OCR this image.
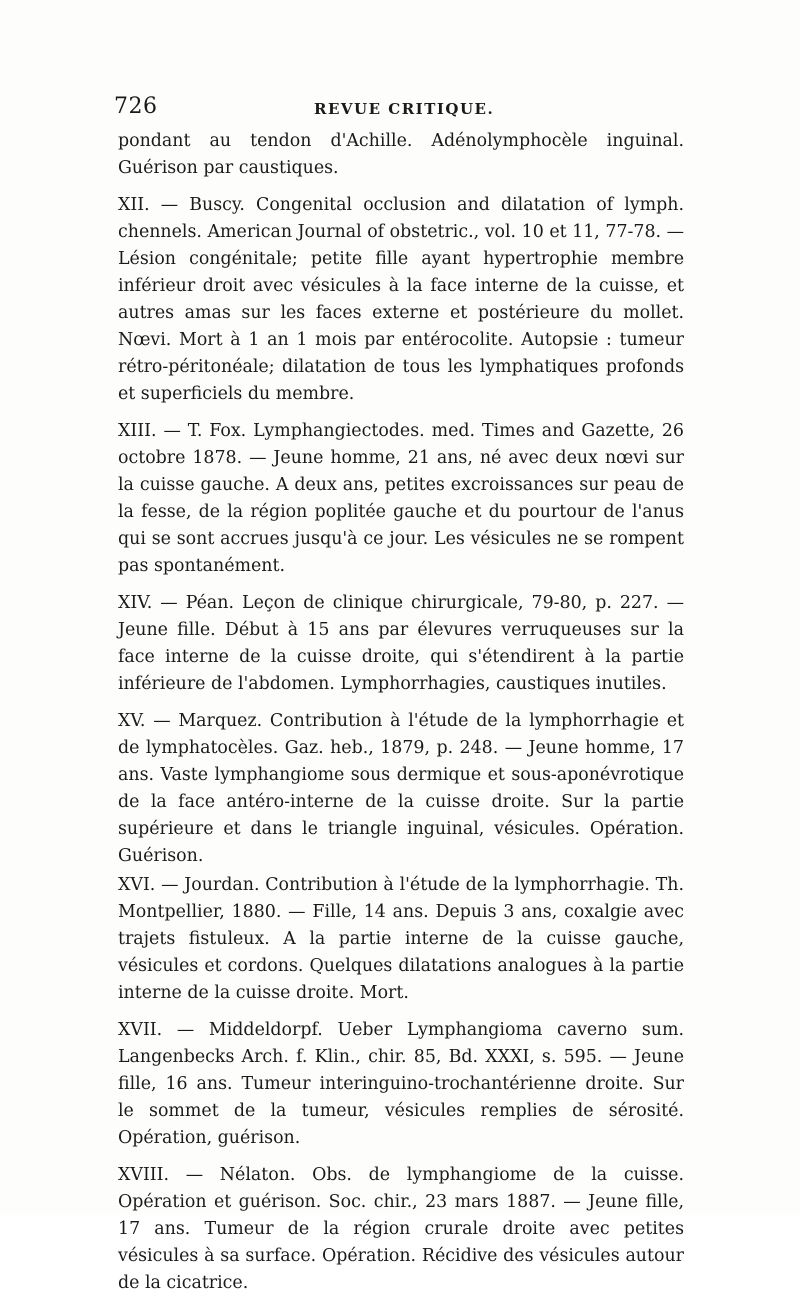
726	REVUE CRITIQUE.

pondant au tendon d'Achille. Adénolymphocèle inguinal. Guérison par caustiques.

XII. — Buscy. Congenital occlusion and dilatation of lymph. chennels. American Journal of obstetric., vol. 10 et 11, 77-78. — Lésion congénitale; petite fille ayant hypertrophie membre inférieur droit avec vésicules à la face interne de la cuisse, et autres amas sur les faces externe et postérieure du mollet. Nœvi. Mort à 1 an 1 mois par entérocolite. Autopsie : tumeur rétro-péritonéale; dilatation de tous les lymphatiques profonds et superficiels du membre.

XIII. — T. Fox. Lymphangiectodes. med. Times and Gazette, 26 octobre 1878. — Jeune homme, 21 ans, né avec deux nœvi sur la cuisse gauche. A deux ans, petites excroissances sur peau de la fesse, de la région poplitée gauche et du pourtour de l'anus qui se sont accrues jusqu'à ce jour. Les vésicules ne se rompent pas spontanément.

XIV. — Péan. Leçon de clinique chirurgicale, 79-80, p. 227. — Jeune fille. Début à 15 ans par élevures verruqueuses sur la face interne de la cuisse droite, qui s'étendirent à la partie inférieure de l'abdomen. Lymphorrhagies, caustiques inutiles.

XV. — Marquez. Contribution à l'étude de la lymphorrhagie et de lymphatocèles. Gaz. heb., 1879, p. 248. — Jeune homme, 17 ans. Vaste lymphangiome sous dermique et sous-aponévrotique de la face antéro-interne de la cuisse droite. Sur la partie supérieure et dans le triangle inguinal, vésicules. Opération. Guérison.

XVI. — Jourdan. Contribution à l'étude de la lymphorrhagie. Th. Montpellier, 1880. — Fille, 14 ans. Depuis 3 ans, coxalgie avec trajets fistuleux. A la partie interne de la cuisse gauche, vésicules et cordons. Quelques dilatations analogues à la partie interne de la cuisse droite. Mort.

XVII. — Middeldorpf. Ueber Lymphangioma caverno sum. Langenbecks Arch. f. Klin., chir. 85, Bd. XXXI, s. 595. — Jeune fille, 16 ans. Tumeur interinguino-trochantérienne droite. Sur le sommet de la tumeur, vésicules remplies de sérosité. Opération, guérison.

XVIII. — Nélaton. Obs. de lymphangiome de la cuisse. Opération et guérison. Soc. chir., 23 mars 1887. — Jeune fille, 17 ans. Tumeur de la région crurale droite avec petites vésicules à sa surface. Opération. Récidive des vésicules autour de la cicatrice.
